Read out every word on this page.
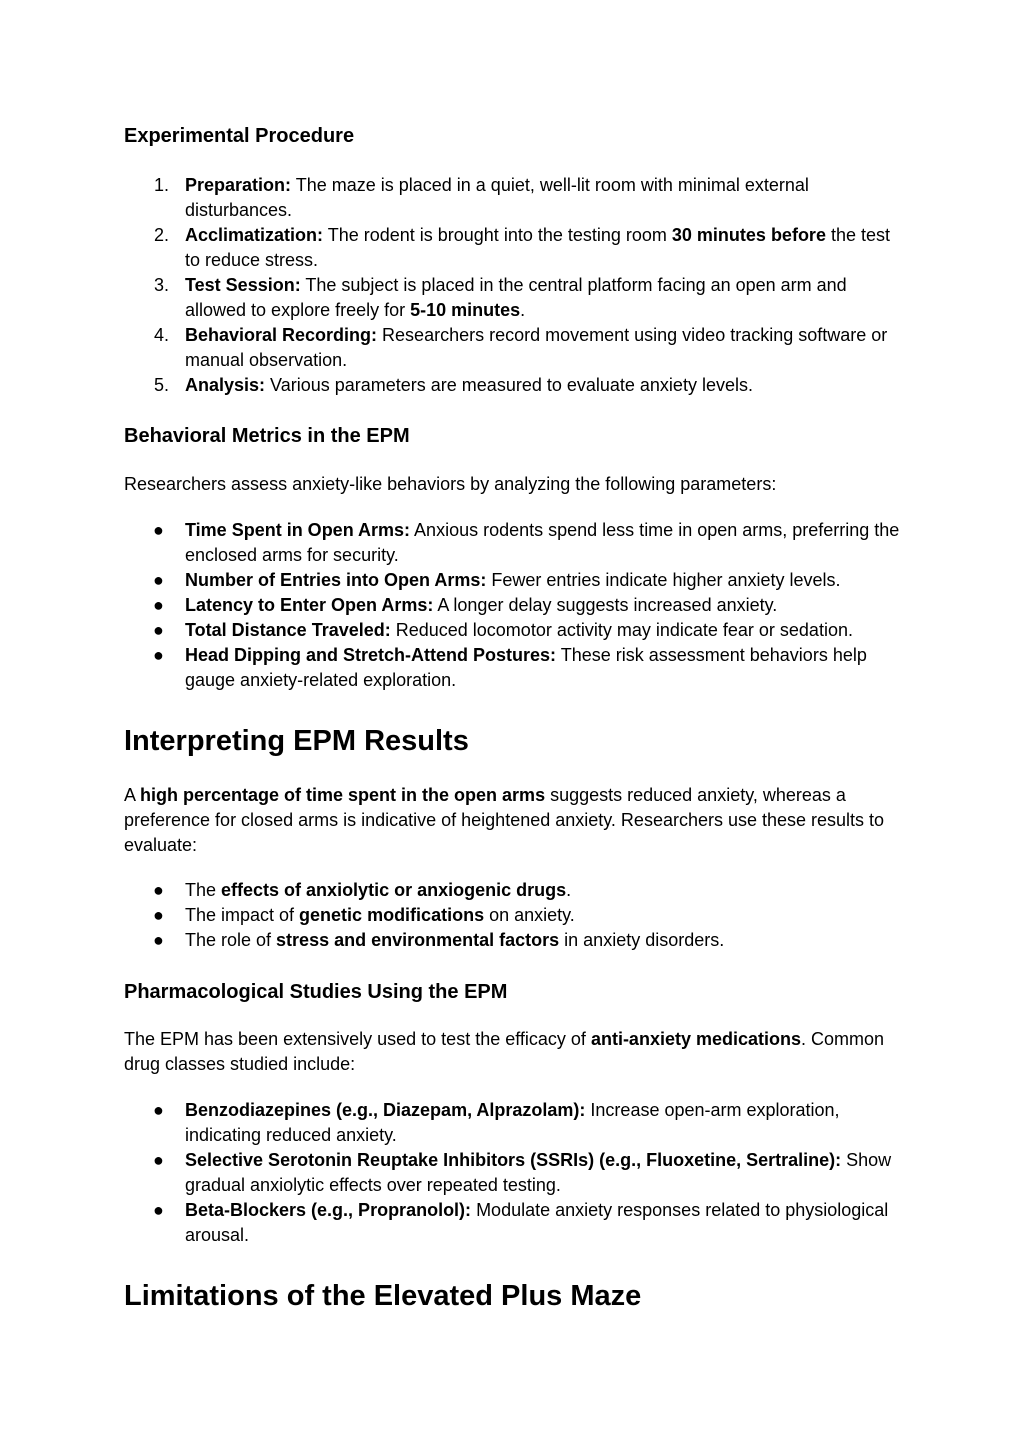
Experimental Procedure
1. Preparation: The maze is placed in a quiet, well-lit room with minimal external disturbances.
2. Acclimatization: The rodent is brought into the testing room 30 minutes before the test to reduce stress.
3. Test Session: The subject is placed in the central platform facing an open arm and allowed to explore freely for 5-10 minutes.
4. Behavioral Recording: Researchers record movement using video tracking software or manual observation.
5. Analysis: Various parameters are measured to evaluate anxiety levels.
Behavioral Metrics in the EPM

Researchers assess anxiety-like behaviors by analyzing the following parameters:

● Time Spent in Open Arms: Anxious rodents spend less time in open arms, preferring the enclosed arms for security.
● Number of Entries into Open Arms: Fewer entries indicate higher anxiety levels.
● Latency to Enter Open Arms: A longer delay suggests increased anxiety.
● Total Distance Traveled: Reduced locomotor activity may indicate fear or sedation.
● Head Dipping and Stretch-Attend Postures: These risk assessment behaviors help gauge anxiety-related exploration.
Interpreting EPM Results

A high percentage of time spent in the open arms suggests reduced anxiety, whereas a preference for closed arms is indicative of heightened anxiety. Researchers use these results to evaluate:

● The effects of anxiolytic or anxiogenic drugs.
● The impact of genetic modifications on anxiety.
● The role of stress and environmental factors in anxiety disorders.
Pharmacological Studies Using the EPM

The EPM has been extensively used to test the efficacy of anti-anxiety medications. Common drug classes studied include:

● Benzodiazepines (e.g., Diazepam, Alprazolam): Increase open-arm exploration, indicating reduced anxiety.
● Selective Serotonin Reuptake Inhibitors (SSRIs) (e.g., Fluoxetine, Sertraline): Show gradual anxiolytic effects over repeated testing.
● Beta-Blockers (e.g., Propranolol): Modulate anxiety responses related to physiological arousal.
Limitations of the Elevated Plus Maze
